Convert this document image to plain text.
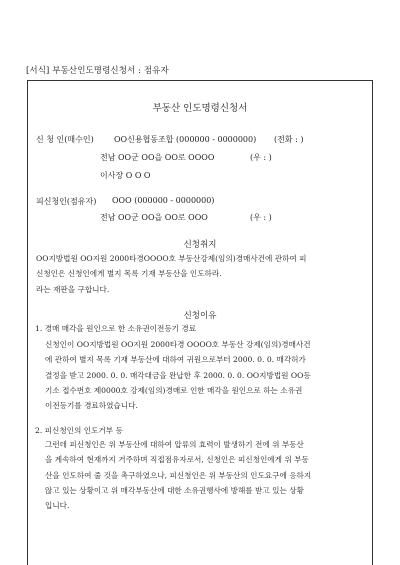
[서식] 부동산인도명령신청서 : 점유자
부동산 인도명령신청서
신 청 인(매수인)	OO신용협동조합 (000000 - 0000000) (전화 : )
전남 OO군 OO읍 OO로 OOOO	(우 : )
이사장 O O O
피신청인(점유자) OOO (000000 - 0000000)
전남 OO군 OO읍 OO로 OOO	(우 : )
신청취지
OO지방법원 OO지원 2000타경OOOO호 부동산강제(임의)경매사건에 관하여 피
신청인은 신청인에게 별지 목록 기재 부동산을 인도하라.
라는 재판을 구합니다.
신청이유
1. 경매 매각을 원인으로 한 소유권이전등기 경료
신청인이 OO지방법원 OO지원 2000타경 OOOO호 부동산 강제(임의)경매사건
에 관하여 별지 목록 기재 부동산에 대하여 귀원으로부터 2000. 0. 0. 매각허가
결정을 받고 2000. 0. 0. 매각대금을 완납한 후 2000. 0. 0. OO지방법원 OO등
기소 접수번호 제0000호 강제(임의)경매로 인한 매각을 원인으로 하는 소유권
이전등기를 경료하였습니다.
2. 피신청인의 인도거부 등
그런데 피신청인은 위 부동산에 대하여 압류의 효력이 발생하기 전에 위 부동산
을 계속하여 현재까지 거주하며 직접점유자로서, 신청인은 피신청인에게 위 부동
산을 인도하여 줄 것을 촉구하였으나, 피신청인은 위 부동산의 인도요구에 응하지
않고 있는 상황이고 위 매각부동산에 대한 소유권행사에 방해를 받고 있는 상황
입니다.
